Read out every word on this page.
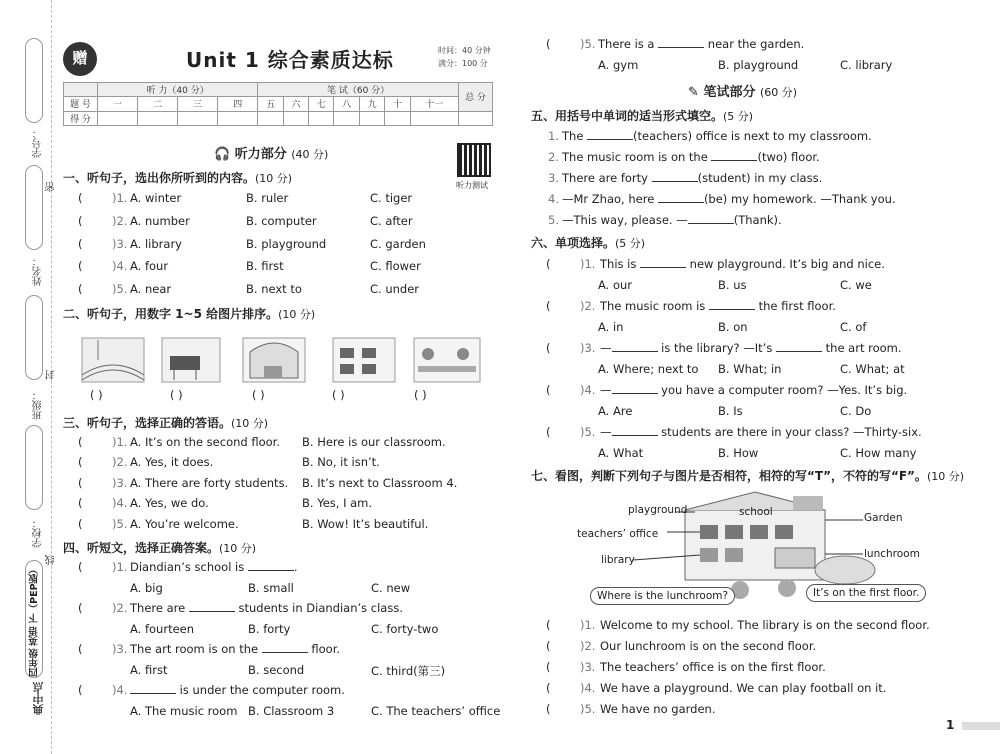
学号：
密
姓名：
封
班级：
学校：
线
四年级 英语 下（PEP版）
典中点
赠	Unit 1 综合素质达标	时间：40 分钟
满分：100 分
	听 力（40 分）				笔 试（60 分）							总 分
题 号	一	二	三	四	五	六	七	八	九	十	十一	
得 分												
🎧 听力部分 (40 分)
听力测试
一、听句子，选出你所听到的内容。(10 分)
(	)1. A. winter	B. ruler	C. tiger
(	)2. A. number	B. computer	C. after
(	)3. A. library	B. playground	C. garden
(	)4. A. four	B. first	C. flower
(	)5. A. near	B. next to	C. under
二、听句子，用数字 1~5 给图片排序。(10 分)
( )	( )	( )	( )	( )
三、听句子，选择正确的答语。(10 分)
(	)1. A. It’s on the second floor. B. Here is our classroom.
(	)2. A. Yes, it does.	B. No, it isn’t.
(	)3. A. There are forty students. B. It’s next to Classroom 4.
(	)4. A. Yes, we do.	B. Yes, I am.
(	)5. A. You’re welcome.	B. Wow! It’s beautiful.
四、听短文，选择正确答案。(10 分)
(	)1. Diandian’s school is	.
A. big	B. small	C. new
(	)2. There are	students in Diandian’s class.
A. fourteen	B. forty	C. forty-two
(	)3. The art room is on the	floor.
A. first	B. second	C. third(第三)
(	)4.	is under the computer room.
A. The music room B. Classroom 3	C. The teachers’ office
(	)5. There is a	near the garden.
A. gym	B. playground	C. library
✎ 笔试部分 (60 分)
五、用括号中单词的适当形式填空。(5 分)
1. The	(teachers) office is next to my classroom.
2. The music room is on the	(two) floor.
3. There are forty	(student) in my class.
4. —Mr Zhao, here	(be) my homework. —Thank you.
5. —This way, please. —	(Thank).
六、单项选择。(5 分)
(	)1. This is	new playground. It’s big and nice.
A. our	B. us	C. we
(	)2. The music room is	the first floor.
A. in	B. on	C. of
(	)3. —	is the library? —It’s	the art room.
A. Where; next to B. What; in	C. What; at
(	)4. —	you have a computer room? —Yes. It’s big.
A. Are	B. Is	C. Do
(	)5. —	students are there in your class? —Thirty-six.
A. What	B. How	C. How many
七、看图，判断下列句子与图片是否相符，相符的写“T”，不符的写“F”。(10 分)
playground	school	Garden
teachers’ office
library	lunchroom
Where is the lunchroom?	It’s on the first floor.
(	)1. Welcome to my school. The library is on the second floor.
(	)2. Our lunchroom is on the second floor.
(	)3. The teachers’ office is on the first floor.
(	)4. We have a playground. We can play football on it.
(	)5. We have no garden.
1
